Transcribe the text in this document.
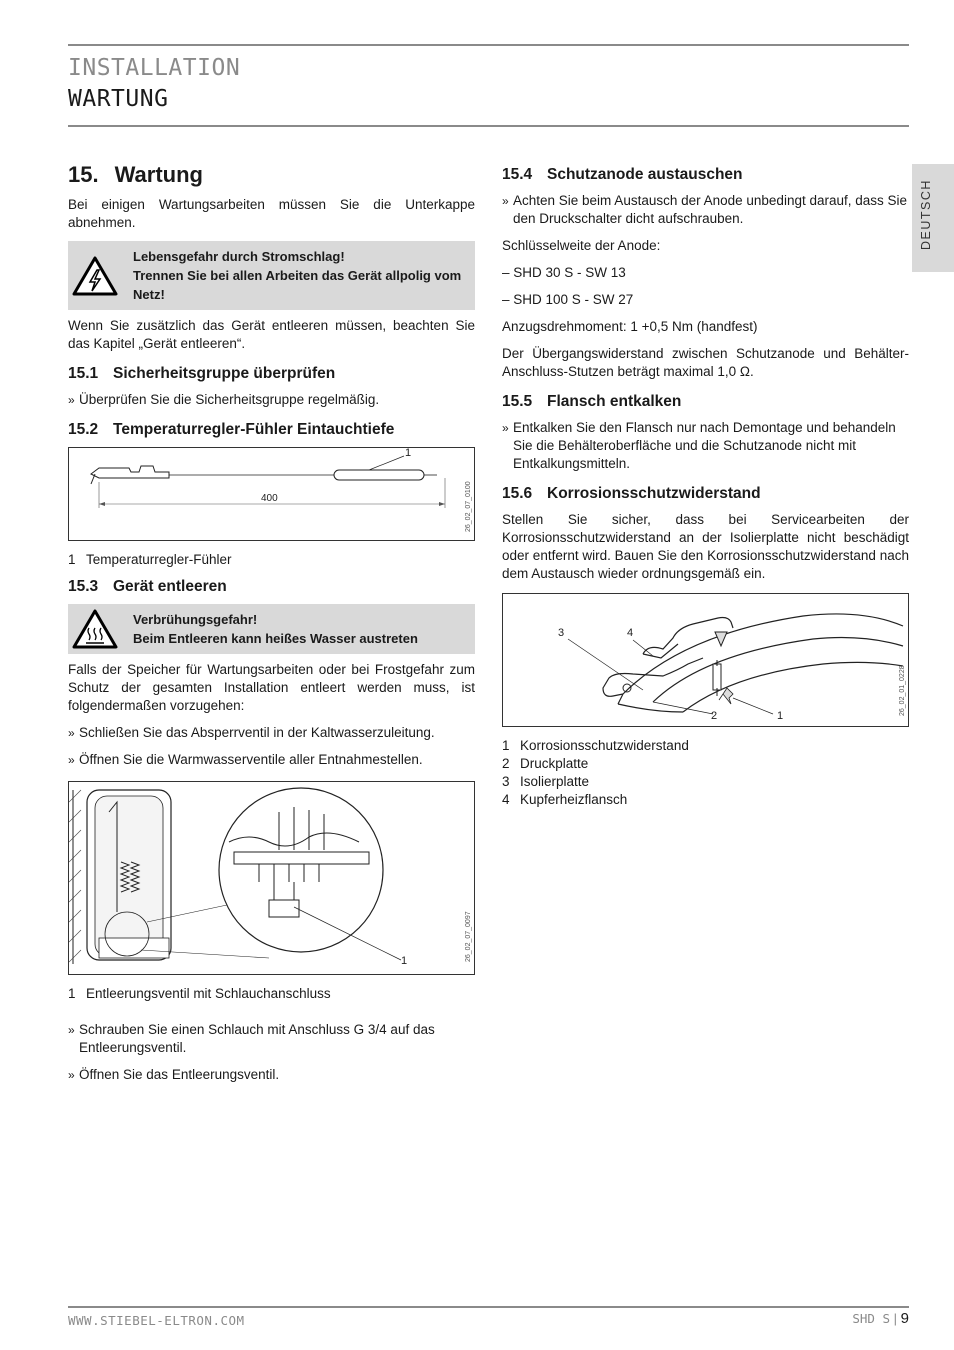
INSTALLATION
WARTUNG
DEUTSCH
15. Wartung

Bei einigen Wartungsarbeiten müssen Sie die Unterkappe abnehmen.

Lebensgefahr durch Stromschlag!
Trennen Sie bei allen Arbeiten das Gerät allpolig vom Netz!

Wenn Sie zusätzlich das Gerät entleeren müssen, beachten Sie das Kapitel „Gerät entleeren“.

15.1 Sicherheitsgruppe überprüfen

» Überprüfen Sie die Sicherheitsgruppe regelmäßig.

15.2 Temperaturregler-Fühler Eintauchtiefe
400
1
26_02_07_0100

1 Temperaturregler-Fühler

15.3 Gerät entleeren
Verbrühungsgefahr!
Beim Entleeren kann heißes Wasser austreten

Falls der Speicher für Wartungsarbeiten oder bei Frostgefahr zum Schutz der gesamten Installation entleert werden muss, ist folgendermaßen vorzugehen:

» Schließen Sie das Absperrventil in der Kaltwasserzuleitung.

» Öffnen Sie die Warmwasserventile aller Entnahmestellen.

1	26_02_07_0097

1 Entleerungsventil mit Schlauchanschluss

» Schrauben Sie einen Schlauch mit Anschluss G 3/4 auf das Entleerungsventil.

» Öffnen Sie das Entleerungsventil.

15.4 Schutzanode austauschen

» Achten Sie beim Austausch der Anode unbedingt darauf, dass Sie den Druckschalter dicht aufschrauben.

Schlüsselweite der Anode:

– SHD 30 S - SW 13

– SHD 100 S - SW 27

Anzugsdrehmoment: 1 +0,5 Nm (handfest)

Der Übergangswiderstand zwischen Schutzanode und Behälter-Anschluss-Stutzen beträgt maximal 1,0 Ω.

15.5 Flansch entkalken

» Entkalken Sie den Flansch nur nach Demontage und behandeln Sie die Behälteroberfläche und die Schutzanode nicht mit Entkalkungsmitteln.

15.6 Korrosionsschutzwiderstand

Stellen Sie sicher, dass bei Servicearbeiten der Korrosionsschutzwiderstand an der Isolierplatte nicht beschädigt oder entfernt wird. Bauen Sie den Korrosionsschutzwiderstand nach dem Austausch wieder ordnungsgemäß ein.

3	4
2	1	26_02_01_0228

1 Korrosionsschutzwiderstand

2 Druckplatte

3 Isolierplatte

4 Kupferheizflansch

WWW.STIEBEL-ELTRON.COM	SHD S | 9
